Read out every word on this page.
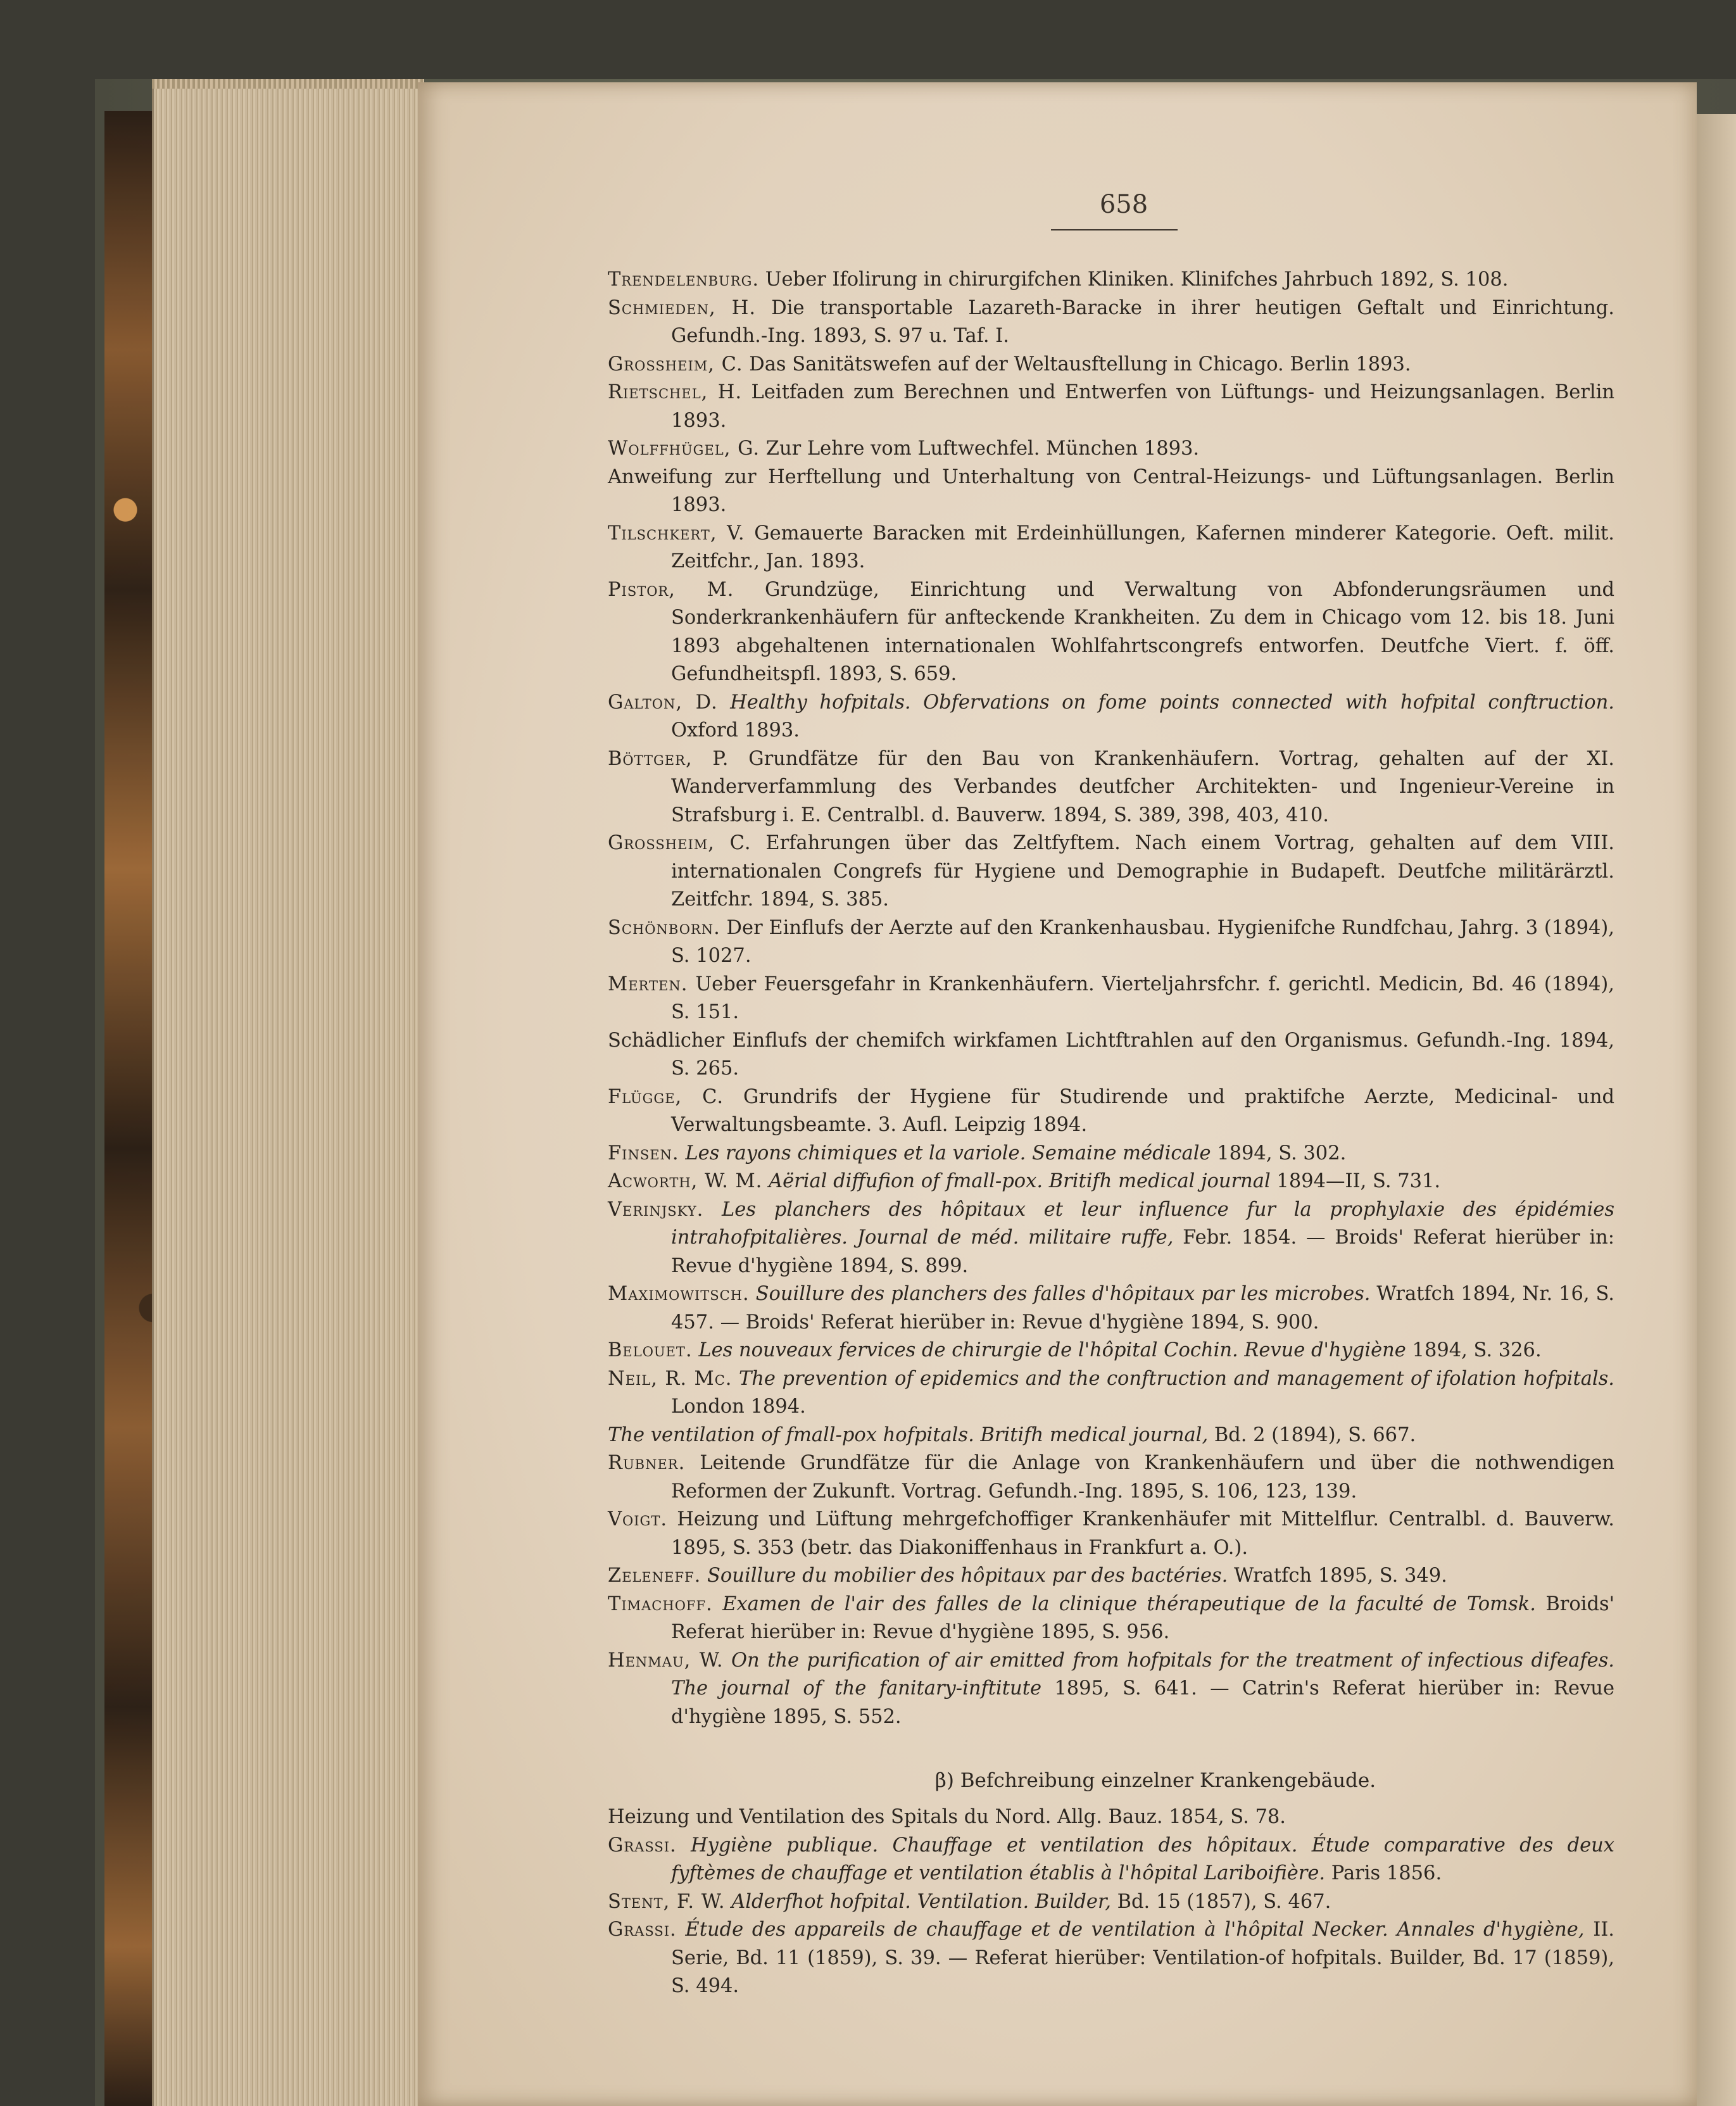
658
Trendelenburg. Ueber Ifolirung in chirurgifchen Kliniken. Klinifches Jahrbuch 1892, S. 108.
Schmieden, H. Die transportable Lazareth-Baracke in ihrer heutigen Geftalt und Einrichtung. Gefundh.-Ing. 1893, S. 97 u. Taf. I.
Grossheim, C. Das Sanitätswefen auf der Weltausftellung in Chicago. Berlin 1893.
Rietschel, H. Leitfaden zum Berechnen und Entwerfen von Lüftungs- und Heizungsanlagen. Berlin 1893.
Wolffhügel, G. Zur Lehre vom Luftwechfel. München 1893.
Anweifung zur Herftellung und Unterhaltung von Central-Heizungs- und Lüftungsanlagen. Berlin 1893.
Tilschkert, V. Gemauerte Baracken mit Erdeinhüllungen, Kafernen minderer Kategorie. Oeft. milit. Zeitfchr., Jan. 1893.
Pistor, M. Grundzüge, Einrichtung und Verwaltung von Abfonderungsräumen und Sonderkrankenhäufern für anfteckende Krankheiten. Zu dem in Chicago vom 12. bis 18. Juni 1893 abgehaltenen internationalen Wohlfahrtscongrefs entworfen. Deutfche Viert. f. öff. Gefundheitspfl. 1893, S. 659.
Galton, D. Healthy hofpitals. Obfervations on fome points connected with hofpital conftruction. Oxford 1893.
Böttger, P. Grundfätze für den Bau von Krankenhäufern. Vortrag, gehalten auf der XI. Wanderverfammlung des Verbandes deutfcher Architekten- und Ingenieur-Vereine in Strafsburg i. E. Centralbl. d. Bauverw. 1894, S. 389, 398, 403, 410.
Grossheim, C. Erfahrungen über das Zeltfyftem. Nach einem Vortrag, gehalten auf dem VIII. internationalen Congrefs für Hygiene und Demographie in Budapeft. Deutfche militärärztl. Zeitfchr. 1894, S. 385.
Schönborn. Der Einflufs der Aerzte auf den Krankenhausbau. Hygienifche Rundfchau, Jahrg. 3 (1894), S. 1027.
Merten. Ueber Feuersgefahr in Krankenhäufern. Vierteljahrsfchr. f. gerichtl. Medicin, Bd. 46 (1894), S. 151.
Schädlicher Einflufs der chemifch wirkfamen Lichtftrahlen auf den Organismus. Gefundh.-Ing. 1894, S. 265.
Flügge, C. Grundrifs der Hygiene für Studirende und praktifche Aerzte, Medicinal- und Verwaltungsbeamte. 3. Aufl. Leipzig 1894.
Finsen. Les rayons chimiques et la variole. Semaine médicale 1894, S. 302.
Acworth, W. M. Aërial diffufion of fmall-pox. Britifh medical journal 1894—II, S. 731.
Verinjsky. Les planchers des hôpitaux et leur influence fur la prophylaxie des épidémies intrahofpitalières. Journal de méd. militaire ruffe, Febr. 1854. — Broids' Referat hierüber in: Revue d'hygiène 1894, S. 899.
Maximowitsch. Souillure des planchers des falles d'hôpitaux par les microbes. Wratfch 1894, Nr. 16, S. 457. — Broids' Referat hierüber in: Revue d'hygiène 1894, S. 900.
Belouet. Les nouveaux fervices de chirurgie de l'hôpital Cochin. Revue d'hygiène 1894, S. 326.
Neil, R. Mc. The prevention of epidemics and the conftruction and management of ifolation hofpitals. London 1894.
The ventilation of fmall-pox hofpitals. Britifh medical journal, Bd. 2 (1894), S. 667.
Rubner. Leitende Grundfätze für die Anlage von Krankenhäufern und über die nothwendigen Reformen der Zukunft. Vortrag. Gefundh.-Ing. 1895, S. 106, 123, 139.
Voigt. Heizung und Lüftung mehrgefchoffiger Krankenhäufer mit Mittelflur. Centralbl. d. Bauverw. 1895, S. 353 (betr. das Diakoniffenhaus in Frankfurt a. O.).
Zeleneff. Souillure du mobilier des hôpitaux par des bactéries. Wratfch 1895, S. 349.
Timachoff. Examen de l'air des falles de la clinique thérapeutique de la faculté de Tomsk. Broids' Referat hierüber in: Revue d'hygiène 1895, S. 956.
Henmau, W. On the purification of air emitted from hofpitals for the treatment of infectious difeafes. The journal of the fanitary-inftitute 1895, S. 641. — Catrin's Referat hierüber in: Revue d'hygiène 1895, S. 552.
β) Befchreibung einzelner Krankengebäude.
Heizung und Ventilation des Spitals du Nord. Allg. Bauz. 1854, S. 78.
Grassi. Hygiène publique. Chauffage et ventilation des hôpitaux. Étude comparative des deux fyftèmes de chauffage et ventilation établis à l'hôpital Lariboifière. Paris 1856.
Stent, F. W. Alderfhot hofpital. Ventilation. Builder, Bd. 15 (1857), S. 467.
Grassi. Étude des appareils de chauffage et de ventilation à l'hôpital Necker. Annales d'hygiène, II. Serie, Bd. 11 (1859), S. 39. — Referat hierüber: Ventilation-of hofpitals. Builder, Bd. 17 (1859), S. 494.
